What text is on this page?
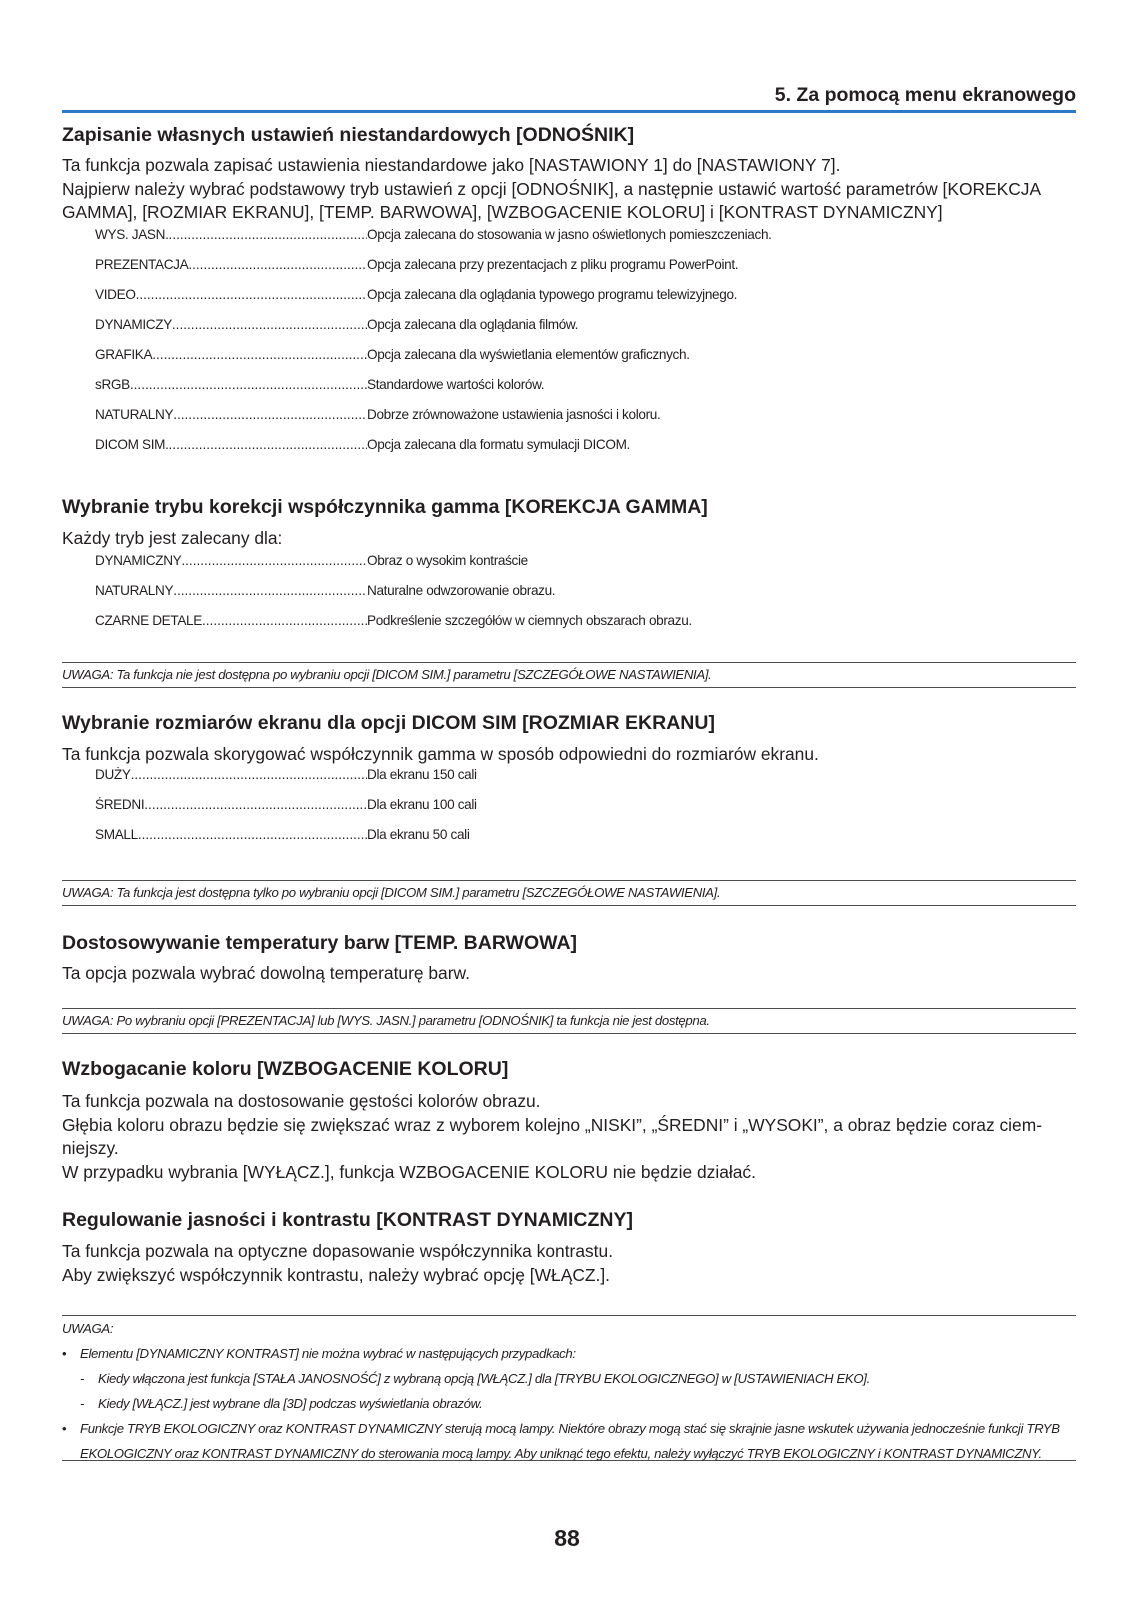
5. Za pomocą menu ekranowego
Zapisanie własnych ustawień niestandardowych [ODNOŚNIK]
Ta funkcja pozwala zapisać ustawienia niestandardowe jako [NASTAWIONY 1] do [NASTAWIONY 7].
Najpierw należy wybrać podstawowy tryb ustawień z opcji [ODNOŚNIK], a następnie ustawić wartość parametrów [KOREKCJA
GAMMA], [ROZMIAR EKRANU], [TEMP. BARWOWA], [WZBOGACENIE KOLORU] i [KONTRAST DYNAMICZNY]
WYS. JASN. .....	Opcja zalecana do stosowania w jasno oświetlonych pomieszczeniach.
PREZENTACJA .....	Opcja zalecana przy prezentacjach z pliku programu PowerPoint.
VIDEO .....	Opcja zalecana dla oglądania typowego programu telewizyjnego.
DYNAMICZY .....	Opcja zalecana dla oglądania filmów.
GRAFIKA .....	Opcja zalecana dla wyświetlania elementów graficznych.
sRGB .....	Standardowe wartości kolorów.
NATURALNY .....	Dobrze zrównoważone ustawienia jasności i koloru.
DICOM SIM. .....	Opcja zalecana dla formatu symulacji DICOM.
Wybranie trybu korekcji współczynnika gamma [KOREKCJA GAMMA]
Każdy tryb jest zalecany dla:
DYNAMICZNY .....	Obraz o wysokim kontraście
NATURALNY .....	Naturalne odwzorowanie obrazu.
CZARNE DETALE .....	Podkreślenie szczegółów w ciemnych obszarach obrazu.
UWAGA: Ta funkcja nie jest dostępna po wybraniu opcji [DICOM SIM.] parametru [SZCZEGÓŁOWE NASTAWIENIA].
Wybranie rozmiarów ekranu dla opcji DICOM SIM [ROZMIAR EKRANU]
Ta funkcja pozwala skorygować współczynnik gamma w sposób odpowiedni do rozmiarów ekranu.
DUŻY .....	Dla ekranu 150 cali
ŚREDNI .....	Dla ekranu 100 cali
SMALL .....	Dla ekranu 50 cali
UWAGA: Ta funkcja jest dostępna tylko po wybraniu opcji [DICOM SIM.] parametru [SZCZEGÓŁOWE NASTAWIENIA].
Dostosowywanie temperatury barw [TEMP. BARWOWA]
Ta opcja pozwala wybrać dowolną temperaturę barw.
UWAGA: Po wybraniu opcji [PREZENTACJA] lub [WYS. JASN.] parametru [ODNOŚNIK] ta funkcja nie jest dostępna.
Wzbogacanie koloru [WZBOGACENIE KOLORU]
Ta funkcja pozwala na dostosowanie gęstości kolorów obrazu.
Głębia koloru obrazu będzie się zwiększać wraz z wyborem kolejno „NISKI”, „ŚREDNI” i „WYSOKI”, a obraz będzie coraz ciem-
niejszy.
W przypadku wybrania [WYŁĄCZ.], funkcja WZBOGACENIE KOLORU nie będzie działać.
Regulowanie jasności i kontrastu [KONTRAST DYNAMICZNY]
Ta funkcja pozwala na optyczne dopasowanie współczynnika kontrastu.
Aby zwiększyć współczynnik kontrastu, należy wybrać opcję [WŁĄCZ.].
UWAGA:
• Elementu [DYNAMICZNY KONTRAST] nie można wybrać w następujących przypadkach:
- Kiedy włączona jest funkcja [STAŁA JANOSNOŚĆ] z wybraną opcją [WŁĄCZ.] dla [TRYBU EKOLOGICZNEGO] w [USTAWIENIACH EKO].
- Kiedy [WŁĄCZ.] jest wybrane dla [3D] podczas wyświetlania obrazów.
• Funkcje TRYB EKOLOGICZNY oraz KONTRAST DYNAMICZNY sterują mocą lampy. Niektóre obrazy mogą stać się skrajnie jasne wskutek używania jednocześnie funkcji TRYB
EKOLOGICZNY oraz KONTRAST DYNAMICZNY do sterowania mocą lampy. Aby uniknąć tego efektu, należy wyłączyć TRYB EKOLOGICZNY i KONTRAST DYNAMICZNY.
88
